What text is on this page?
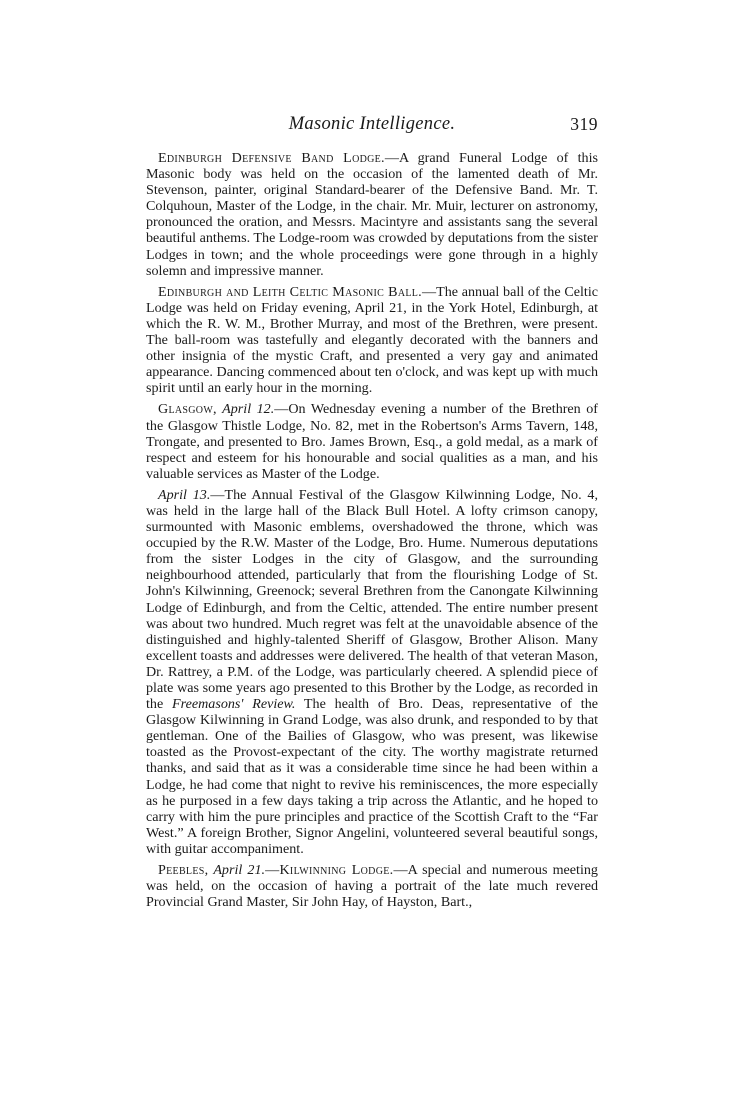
Masonic Intelligence.	319

Edinburgh Defensive Band Lodge.—A grand Funeral Lodge of this Masonic body was held on the occasion of the lamented death of Mr. Stevenson, painter, original Standard-bearer of the Defensive Band. Mr. T. Colquhoun, Master of the Lodge, in the chair. Mr. Muir, lecturer on astronomy, pronounced the oration, and Messrs. Macintyre and assistants sang the several beautiful anthems. The Lodge-room was crowded by deputations from the sister Lodges in town; and the whole proceedings were gone through in a highly solemn and impressive manner.

Edinburgh and Leith Celtic Masonic Ball.—The annual ball of the Celtic Lodge was held on Friday evening, April 21, in the York Hotel, Edinburgh, at which the R. W. M., Brother Murray, and most of the Brethren, were present. The ball-room was tastefully and elegantly decorated with the banners and other insignia of the mystic Craft, and presented a very gay and animated appearance. Dancing commenced about ten o'clock, and was kept up with much spirit until an early hour in the morning.

Glasgow, April 12.—On Wednesday evening a number of the Brethren of the Glasgow Thistle Lodge, No. 82, met in the Robertson's Arms Tavern, 148, Trongate, and presented to Bro. James Brown, Esq., a gold medal, as a mark of respect and esteem for his honourable and social qualities as a man, and his valuable services as Master of the Lodge.

April 13.—The Annual Festival of the Glasgow Kilwinning Lodge, No. 4, was held in the large hall of the Black Bull Hotel. A lofty crimson canopy, surmounted with Masonic emblems, overshadowed the throne, which was occupied by the R.W. Master of the Lodge, Bro. Hume. Numerous deputations from the sister Lodges in the city of Glasgow, and the surrounding neighbourhood attended, particularly that from the flourishing Lodge of St. John's Kilwinning, Greenock; several Brethren from the Canongate Kilwinning Lodge of Edinburgh, and from the Celtic, attended. The entire number present was about two hundred. Much regret was felt at the unavoidable absence of the distinguished and highly-talented Sheriff of Glasgow, Brother Alison. Many excellent toasts and addresses were delivered. The health of that veteran Mason, Dr. Rattrey, a P.M. of the Lodge, was particularly cheered. A splendid piece of plate was some years ago presented to this Brother by the Lodge, as recorded in the Freemasons' Review. The health of Bro. Deas, representative of the Glasgow Kilwinning in Grand Lodge, was also drunk, and responded to by that gentleman. One of the Bailies of Glasgow, who was present, was likewise toasted as the Provost-expectant of the city. The worthy magistrate returned thanks, and said that as it was a considerable time since he had been within a Lodge, he had come that night to revive his reminiscences, the more especially as he purposed in a few days taking a trip across the Atlantic, and he hoped to carry with him the pure principles and practice of the Scottish Craft to the “Far West.” A foreign Brother, Signor Angelini, volunteered several beautiful songs, with guitar accompaniment.

Peebles, April 21.—Kilwinning Lodge.—A special and numerous meeting was held, on the occasion of having a portrait of the late much revered Provincial Grand Master, Sir John Hay, of Hayston, Bart.,
